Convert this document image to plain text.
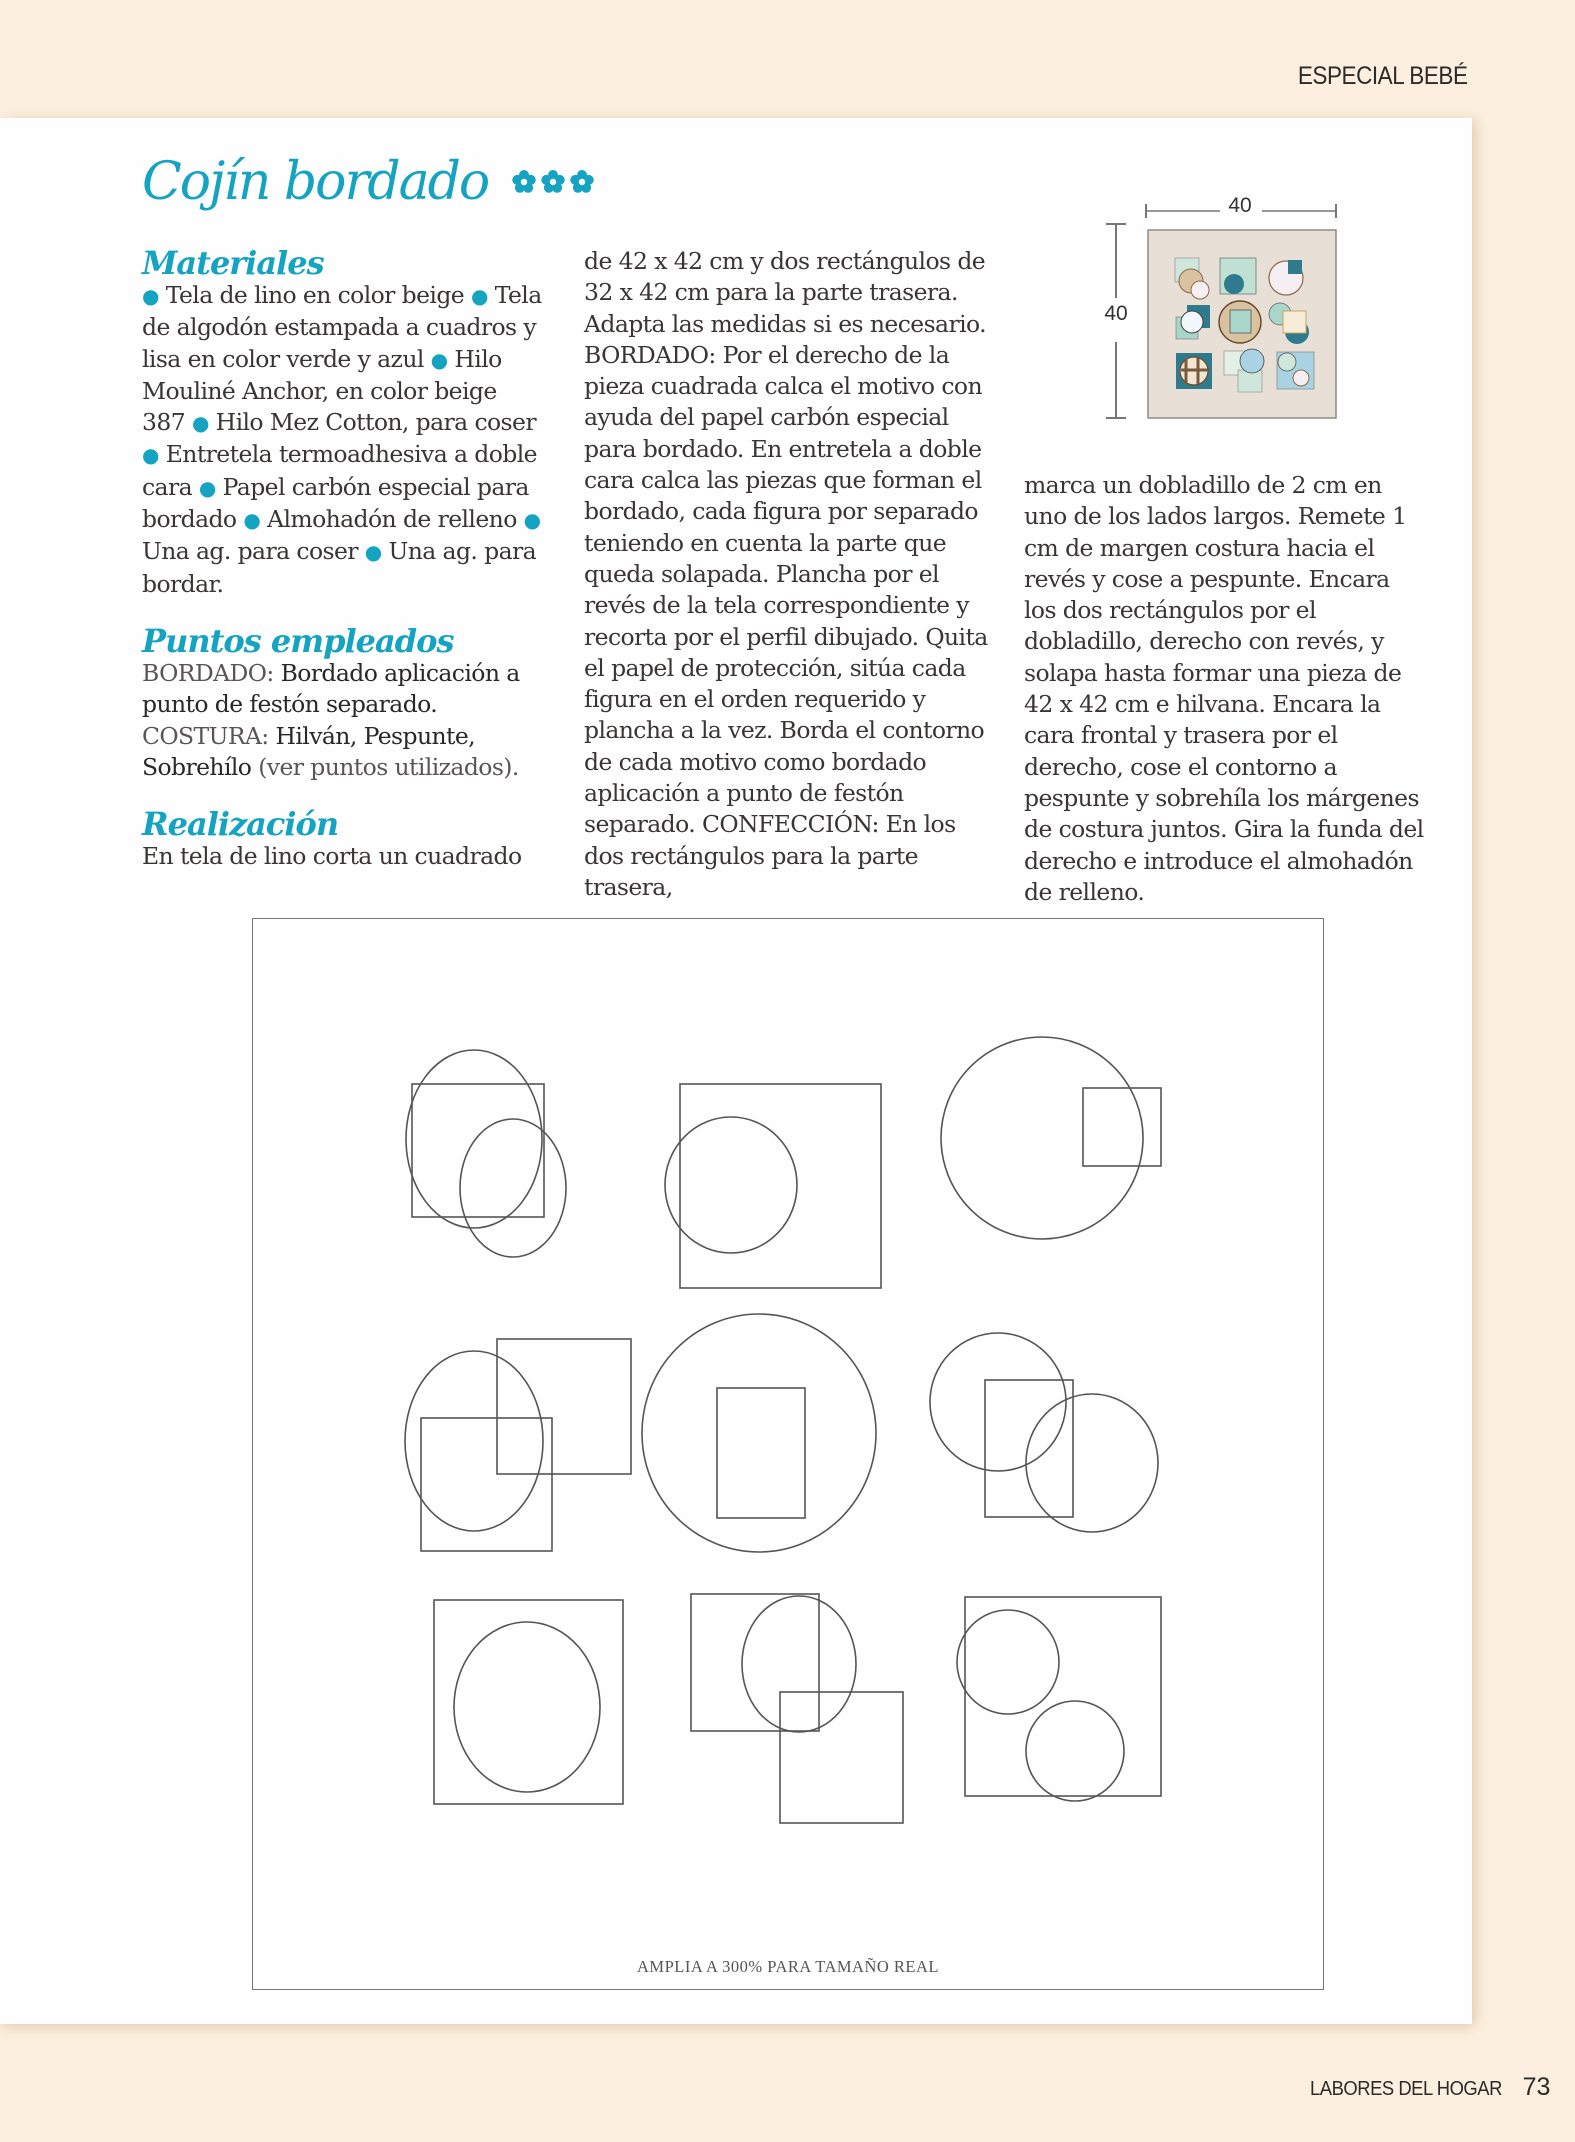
ESPECIAL BEBÉ
Cojín bordado
Materiales

● Tela de lino en color beige ● Tela de algodón estampada a cuadros y lisa en color verde y azul ● Hilo Mouliné Anchor, en color beige 387 ● Hilo Mez Cotton, para coser ● Entretela termoadhesiva a doble cara ● Papel carbón especial para bordado ● Almohadón de relleno ● Una ag. para coser ● Una ag. para bordar.

Puntos empleados

BORDADO: Bordado aplicación a punto de festón separado. COSTURA: Hilván, Pespunte, Sobrehílo (ver puntos utilizados).

Realización

En tela de lino corta un cuadrado

de 42 x 42 cm y dos rectángulos de 32 x 42 cm para la parte trasera. Adapta las medidas si es necesario. BORDADO: Por el derecho de la pieza cuadrada calca el motivo con ayuda del papel carbón especial para bordado. En entretela a doble cara calca las piezas que forman el bordado, cada figura por separado teniendo en cuenta la parte que queda solapada. Plancha por el revés de la tela correspondiente y recorta por el perfil dibujado. Quita el papel de protección, sitúa cada figura en el orden requerido y plancha a la vez. Borda el contorno de cada motivo como bordado aplicación a punto de festón separado. CONFECCIÓN: En los dos rectángulos para la parte trasera,

marca un dobladillo de 2 cm en uno de los lados largos. Remete 1 cm de margen costura hacia el revés y cose a pespunte. Encara los dos rectángulos por el dobladillo, derecho con revés, y solapa hasta formar una pieza de 42 x 42 cm e hilvana. Encara la cara frontal y trasera por el derecho, cose el contorno a pespunte y sobrehíla los márgenes de costura juntos. Gira la funda del derecho e introduce el almohadón de relleno.

40
40
AMPLIA A 300% PARA TAMAÑO REAL
LABORES DEL HOGAR 73
